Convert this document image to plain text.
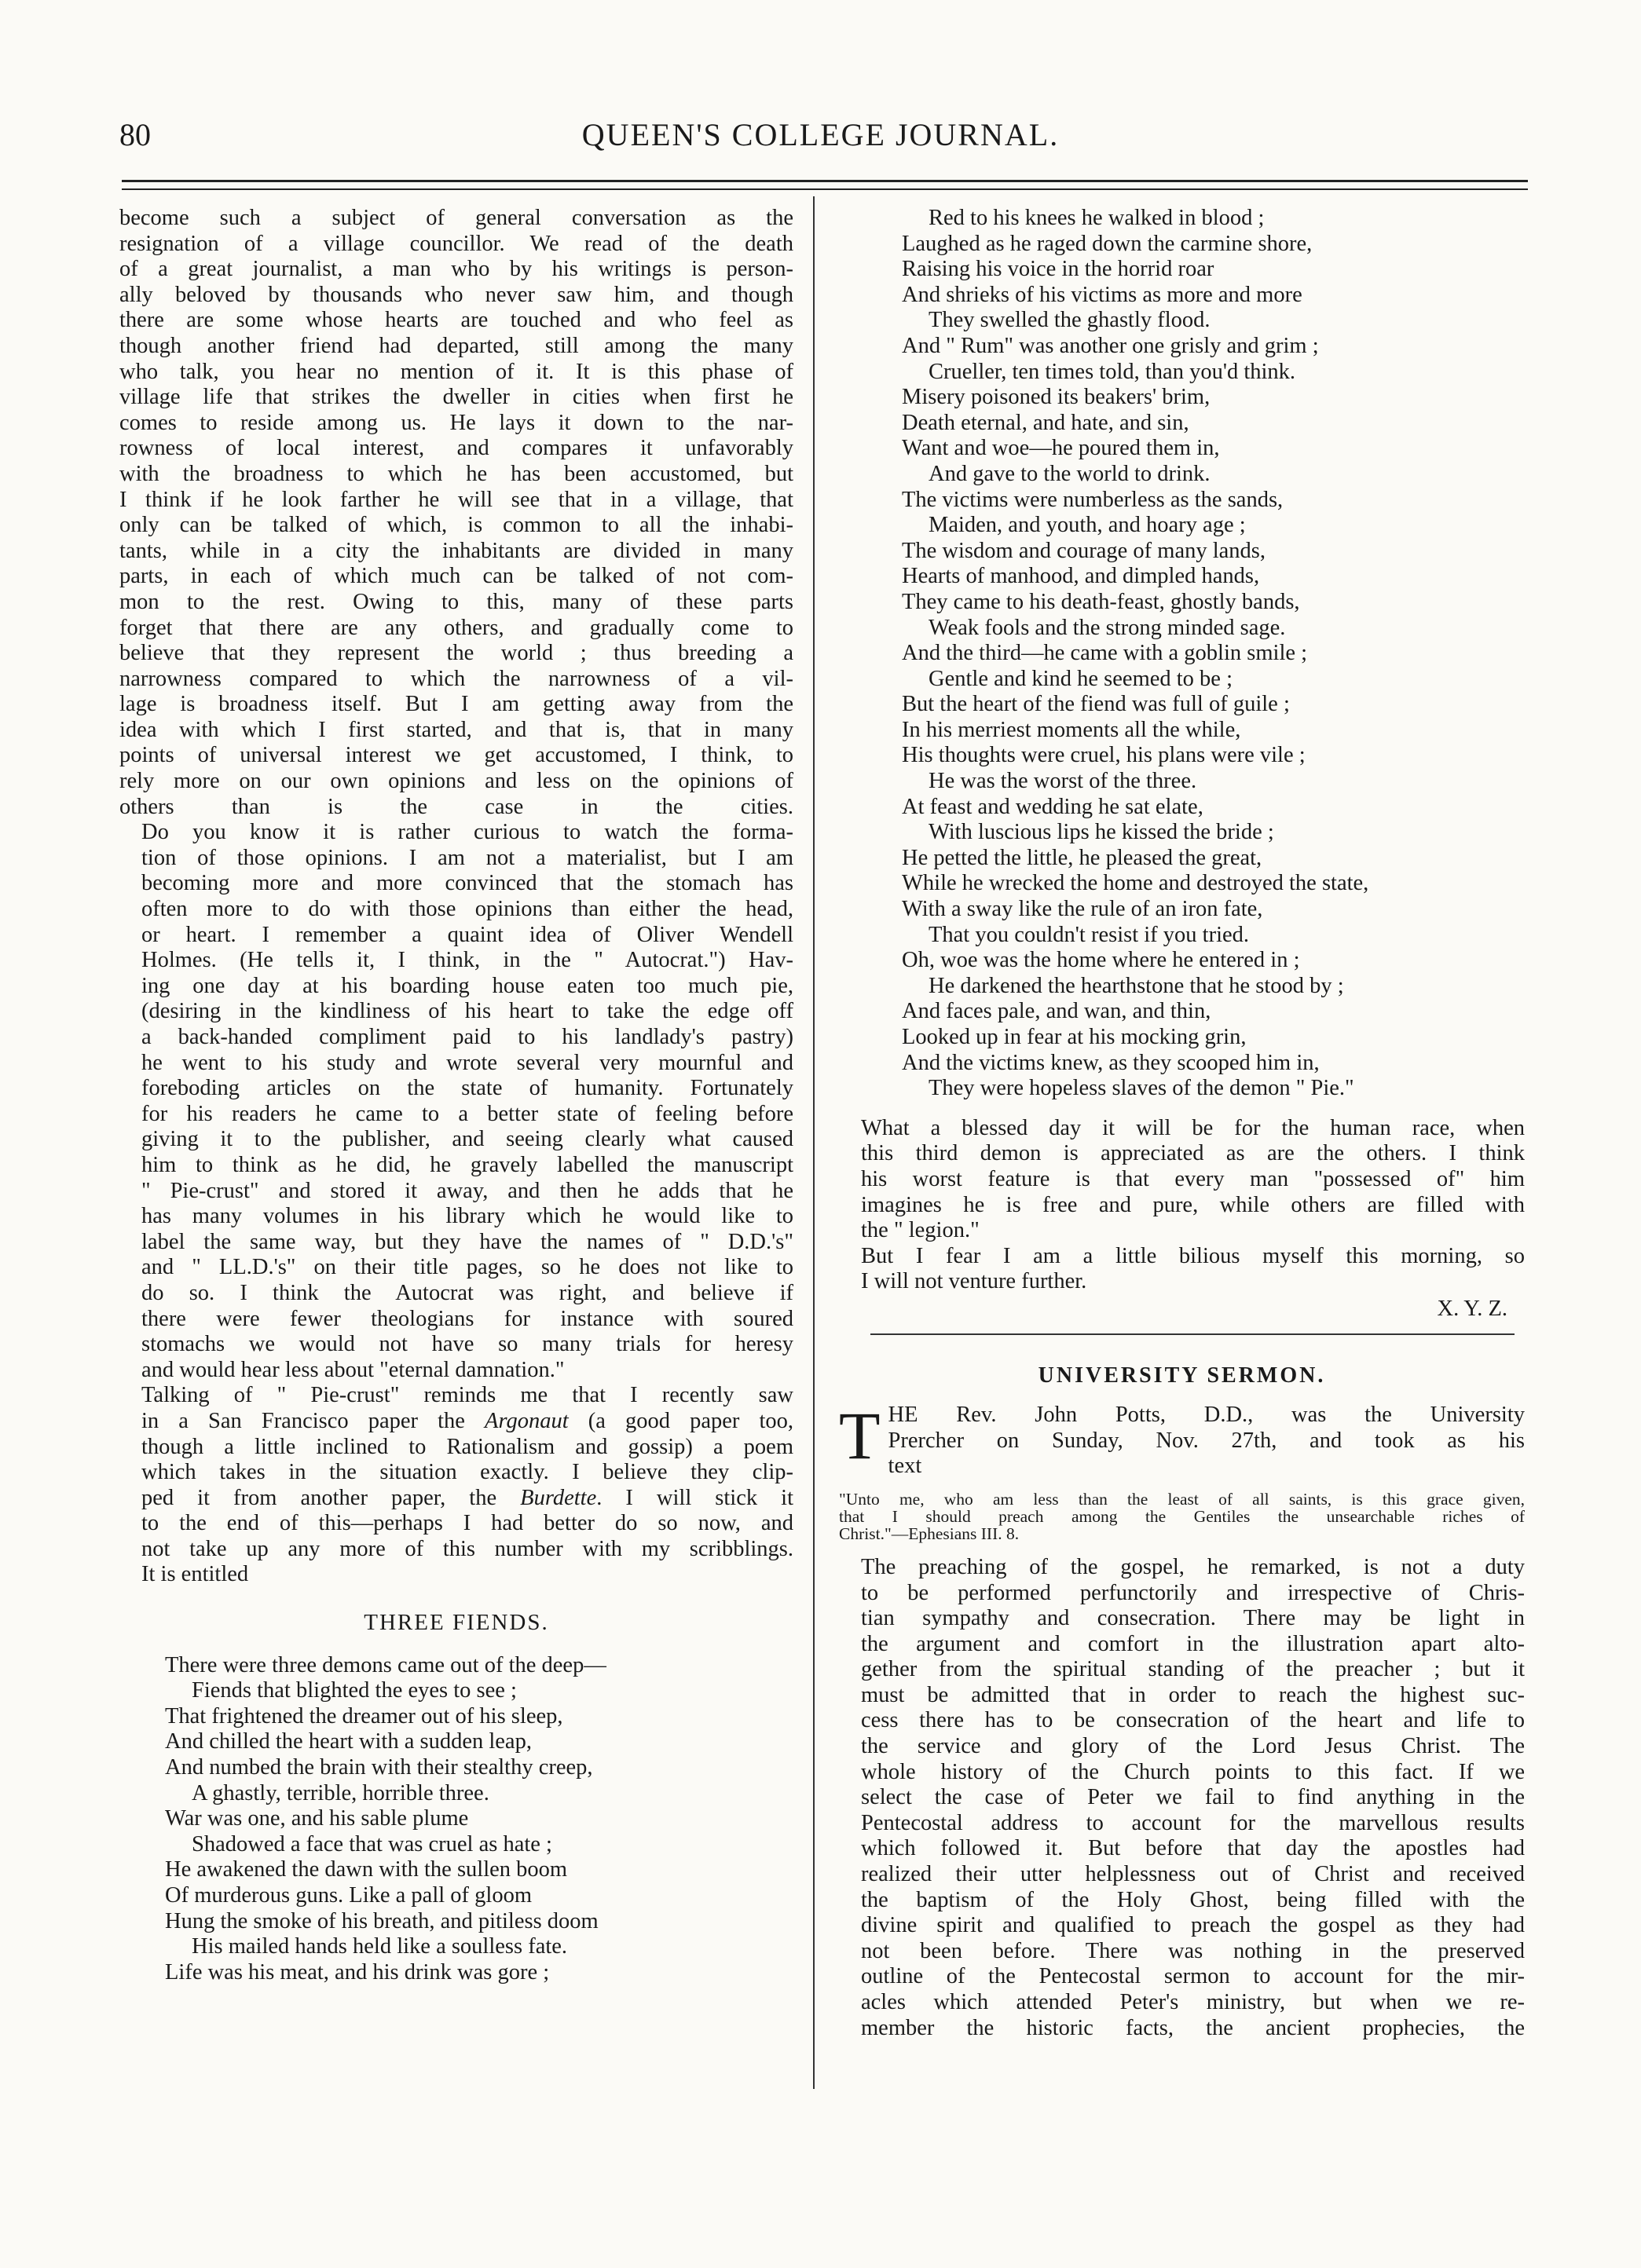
80	QUEEN'S COLLEGE JOURNAL.

become such a subject of general conversation as the
resignation of a village councillor. We read of the death
of a great journalist, a man who by his writings is person-
ally beloved by thousands who never saw him, and though
there are some whose hearts are touched and who feel as
though another friend had departed, still among the many
who talk, you hear no mention of it. It is this phase of
village life that strikes the dweller in cities when first he
comes to reside among us. He lays it down to the nar-
rowness of local interest, and compares it unfavorably
with the broadness to which he has been accustomed, but
I think if he look farther he will see that in a village, that
only can be talked of which, is common to all the inhabi-
tants, while in a city the inhabitants are divided in many
parts, in each of which much can be talked of not com-
mon to the rest. Owing to this, many of these parts
forget that there are any others, and gradually come to
believe that they represent the world ; thus breeding a
narrowness compared to which the narrowness of a vil-
lage is broadness itself. But I am getting away from the
idea with which I first started, and that is, that in many
points of universal interest we get accustomed, I think, to
rely more on our own opinions and less on the opinions of
others than is the case in the cities.

Do you know it is rather curious to watch the forma-
tion of those opinions. I am not a materialist, but I am
becoming more and more convinced that the stomach has
often more to do with those opinions than either the head,
or heart. I remember a quaint idea of Oliver Wendell
Holmes. (He tells it, I think, in the " Autocrat.") Hav-
ing one day at his boarding house eaten too much pie,
(desiring in the kindliness of his heart to take the edge off
a back-handed compliment paid to his landlady's pastry)
he went to his study and wrote several very mournful and
foreboding articles on the state of humanity. Fortunately
for his readers he came to a better state of feeling before
giving it to the publisher, and seeing clearly what caused
him to think as he did, he gravely labelled the manuscript
" Pie-crust" and stored it away, and then he adds that he
has many volumes in his library which he would like to
label the same way, but they have the names of " D.D.'s"
and " LL.D.'s" on their title pages, so he does not like to
do so. I think the Autocrat was right, and believe if
there were fewer theologians for instance with soured
stomachs we would not have so many trials for heresy
and would hear less about "eternal damnation."

Talking of " Pie-crust" reminds me that I recently saw
in a San Francisco paper the Argonaut (a good paper too,
though a little inclined to Rationalism and gossip) a poem
which takes in the situation exactly. I believe they clip-
ped it from another paper, the Burdette. I will stick it
to the end of this—perhaps I had better do so now, and
not take up any more of this number with my scribblings.
It is entitled

THREE FIENDS.

There were three demons came out of the deep—
Fiends that blighted the eyes to see ;
That frightened the dreamer out of his sleep,
And chilled the heart with a sudden leap,
And numbed the brain with their stealthy creep,
A ghastly, terrible, horrible three.
War was one, and his sable plume
Shadowed a face that was cruel as hate ;
He awakened the dawn with the sullen boom
Of murderous guns. Like a pall of gloom
Hung the smoke of his breath, and pitiless doom
His mailed hands held like a soulless fate.
Life was his meat, and his drink was gore ;
Red to his knees he walked in blood ;
Laughed as he raged down the carmine shore,
Raising his voice in the horrid roar
And shrieks of his victims as more and more
They swelled the ghastly flood.
And " Rum" was another one grisly and grim ;
Crueller, ten times told, than you'd think.
Misery poisoned its beakers' brim,
Death eternal, and hate, and sin,
Want and woe—he poured them in,
And gave to the world to drink.
The victims were numberless as the sands,
Maiden, and youth, and hoary age ;
The wisdom and courage of many lands,
Hearts of manhood, and dimpled hands,
They came to his death-feast, ghostly bands,
Weak fools and the strong minded sage.
And the third—he came with a goblin smile ;
Gentle and kind he seemed to be ;
But the heart of the fiend was full of guile ;
In his merriest moments all the while,
His thoughts were cruel, his plans were vile ;
He was the worst of the three.
At feast and wedding he sat elate,
With luscious lips he kissed the bride ;
He petted the little, he pleased the great,
While he wrecked the home and destroyed the state,
With a sway like the rule of an iron fate,
That you couldn't resist if you tried.
Oh, woe was the home where he entered in ;
He darkened the hearthstone that he stood by ;
And faces pale, and wan, and thin,
Looked up in fear at his mocking grin,
And the victims knew, as they scooped him in,
They were hopeless slaves of the demon " Pie."

What a blessed day it will be for the human race, when
this third demon is appreciated as are the others. I think
his worst feature is that every man "possessed of" him
imagines he is free and pure, while others are filled with
the " legion."

But I fear I am a little bilious myself this morning, so
I will not venture further.

X. Y. Z.

UNIVERSITY SERMON.

T HE Rev. John Potts, D.D., was the University
Prercher on Sunday, Nov. 27th, and took as his
text

"Unto me, who am less than the least of all saints, is this grace given,
that I should preach among the Gentiles the unsearchable riches of
Christ."—Ephesians III. 8.

The preaching of the gospel, he remarked, is not a duty
to be performed perfunctorily and irrespective of Chris-
tian sympathy and consecration. There may be light in
the argument and comfort in the illustration apart alto-
gether from the spiritual standing of the preacher ; but it
must be admitted that in order to reach the highest suc-
cess there has to be consecration of the heart and life to
the service and glory of the Lord Jesus Christ. The
whole history of the Church points to this fact. If we
select the case of Peter we fail to find anything in the
Pentecostal address to account for the marvellous results
which followed it. But before that day the apostles had
realized their utter helplessness out of Christ and received
the baptism of the Holy Ghost, being filled with the
divine spirit and qualified to preach the gospel as they had
not been before. There was nothing in the preserved
outline of the Pentecostal sermon to account for the mir-
acles which attended Peter's ministry, but when we re-
member the historic facts, the ancient prophecies, the
